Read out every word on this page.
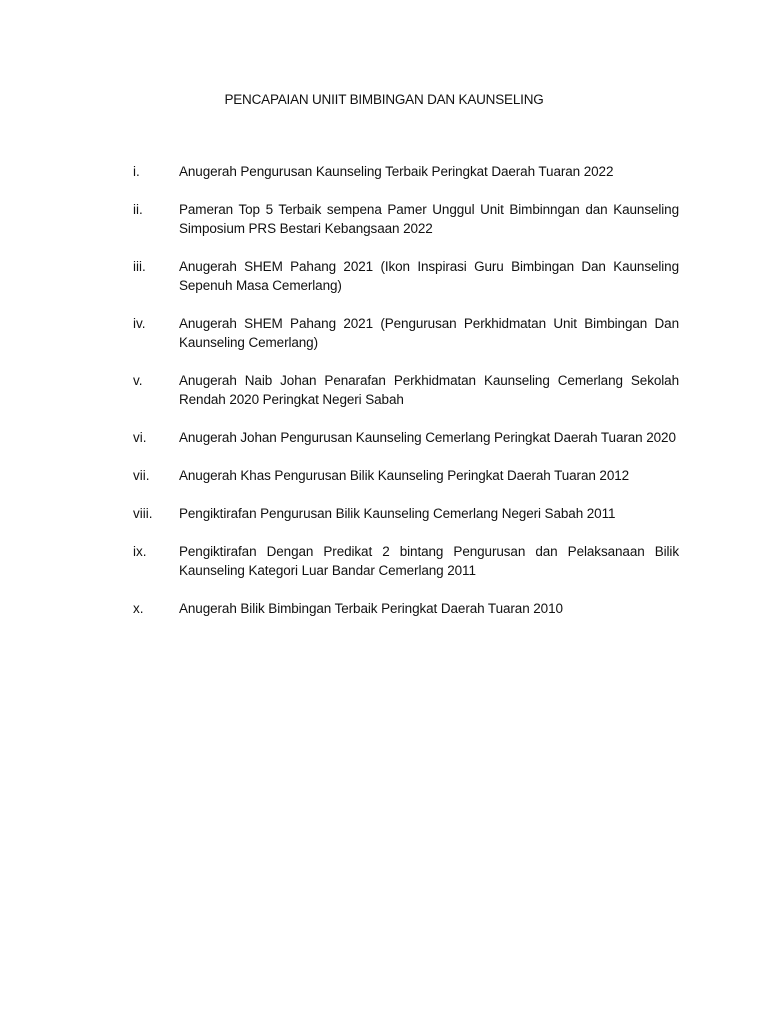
PENCAPAIAN UNIIT BIMBINGAN DAN KAUNSELING
i.	Anugerah Pengurusan Kaunseling Terbaik Peringkat Daerah Tuaran 2022
ii.	Pameran Top 5 Terbaik sempena Pamer Unggul Unit Bimbinngan dan Kaunseling Simposium PRS Bestari Kebangsaan 2022
iii.	Anugerah SHEM Pahang 2021 (Ikon Inspirasi Guru Bimbingan Dan Kaunseling Sepenuh Masa Cemerlang)
iv.	Anugerah SHEM Pahang 2021 (Pengurusan Perkhidmatan Unit Bimbingan Dan Kaunseling Cemerlang)
v.	Anugerah Naib Johan Penarafan Perkhidmatan Kaunseling Cemerlang Sekolah Rendah 2020 Peringkat Negeri Sabah
vi.	Anugerah Johan Pengurusan Kaunseling Cemerlang Peringkat Daerah Tuaran 2020
vii.	Anugerah Khas Pengurusan Bilik Kaunseling Peringkat Daerah Tuaran 2012
viii.	Pengiktirafan Pengurusan Bilik Kaunseling Cemerlang Negeri Sabah 2011
ix.	Pengiktirafan Dengan Predikat 2 bintang Pengurusan dan Pelaksanaan Bilik Kaunseling Kategori Luar Bandar Cemerlang 2011
x.	Anugerah Bilik Bimbingan Terbaik Peringkat Daerah Tuaran 2010
